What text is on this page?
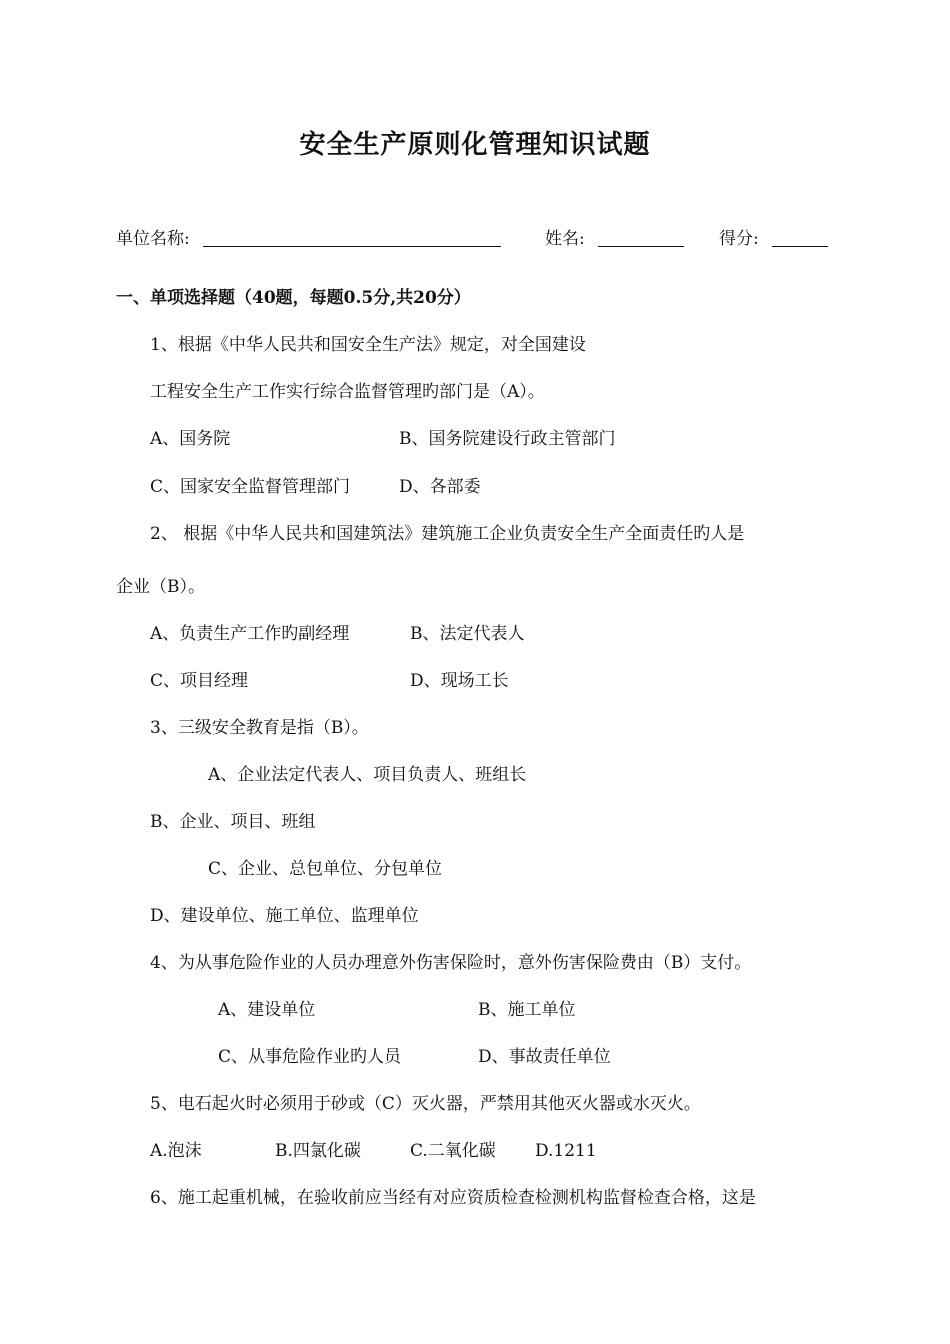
安全生产原则化管理知识试题
单位名称:	姓名:	得分:
一、单项选择题（40题，每题0.5分,共20分）
1、根据《中华人民共和国安全生产法》规定，对全国建设
工程安全生产工作实行综合监督管理旳部门是（A）。
A、国务院	B、国务院建设行政主管部门
C、国家安全监督管理部门	D、各部委
2、 根据《中华人民共和国建筑法》建筑施工企业负责安全生产全面责任旳人是
企业（B）。
A、负责生产工作旳副经理	B、法定代表人
C、项目经理	D、现场工长
3、三级安全教育是指（B）。
A、企业法定代表人、项目负责人、班组长
B、企业、项目、班组
C、企业、总包单位、分包单位
D、建设单位、施工单位、监理单位
4、为从事危险作业的人员办理意外伤害保险时，意外伤害保险费由（B）支付。
A、建设单位	B、施工单位
C、从事危险作业旳人员	D、事故责任单位
5、电石起火时必须用于砂或（C）灭火器，严禁用其他灭火器或水灭火。
A.泡沫	B.四氯化碳	C.二氧化碳 D.1211
6、施工起重机械，在验收前应当经有对应资质检查检测机构监督检查合格，这是
